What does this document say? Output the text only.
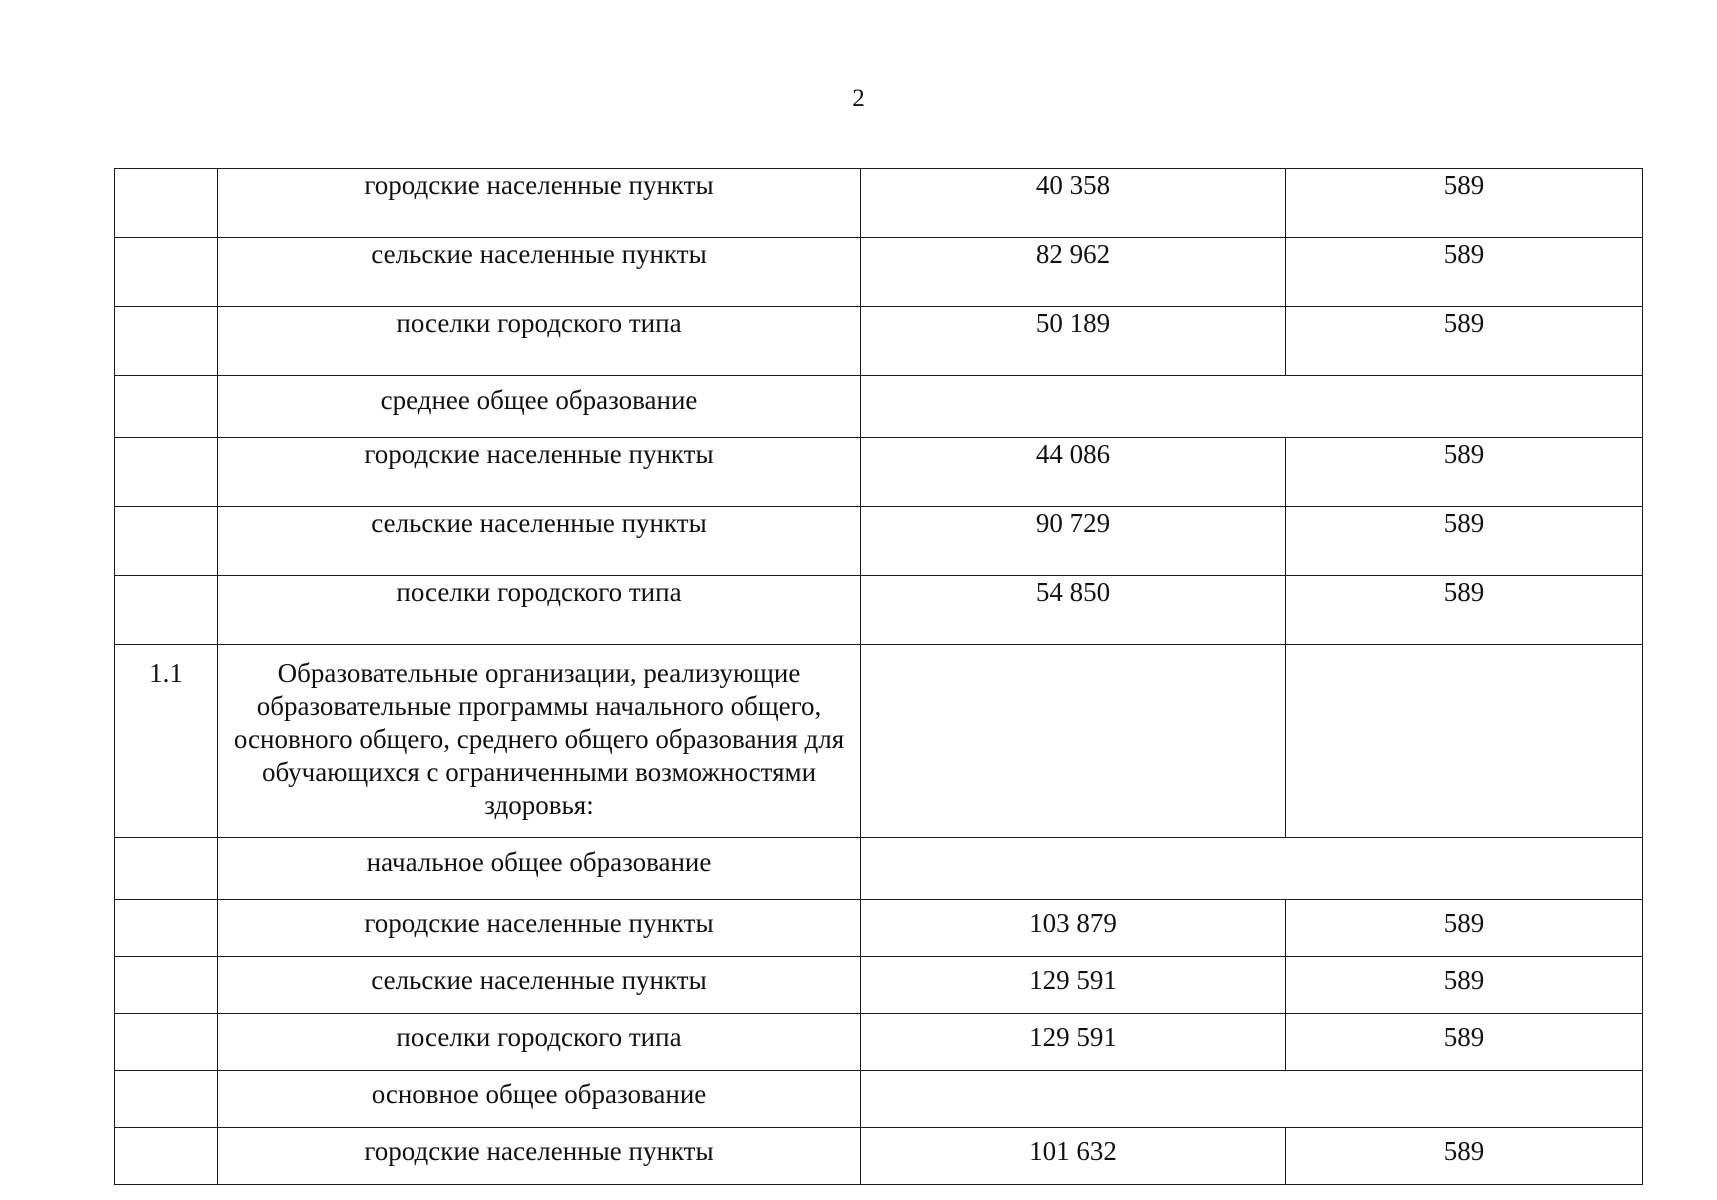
2
	городские населенные пункты	40 358	589
	сельские населенные пункты	82 962	589
	поселки городского типа	50 189	589
	среднее общее образование		
	городские населенные пункты	44 086	589
	сельские населенные пункты	90 729	589
	поселки городского типа	54 850	589
1.1	Образовательные организации, реализующие образовательные программы начального общего, основного общего, среднего общего образования для обучающихся с ограниченными возможностями здоровья:		
	начальное общее образование		
	городские населенные пункты	103 879	589
	сельские населенные пункты	129 591	589
	поселки городского типа	129 591	589
	основное общее образование		
	городские населенные пункты	101 632	589
